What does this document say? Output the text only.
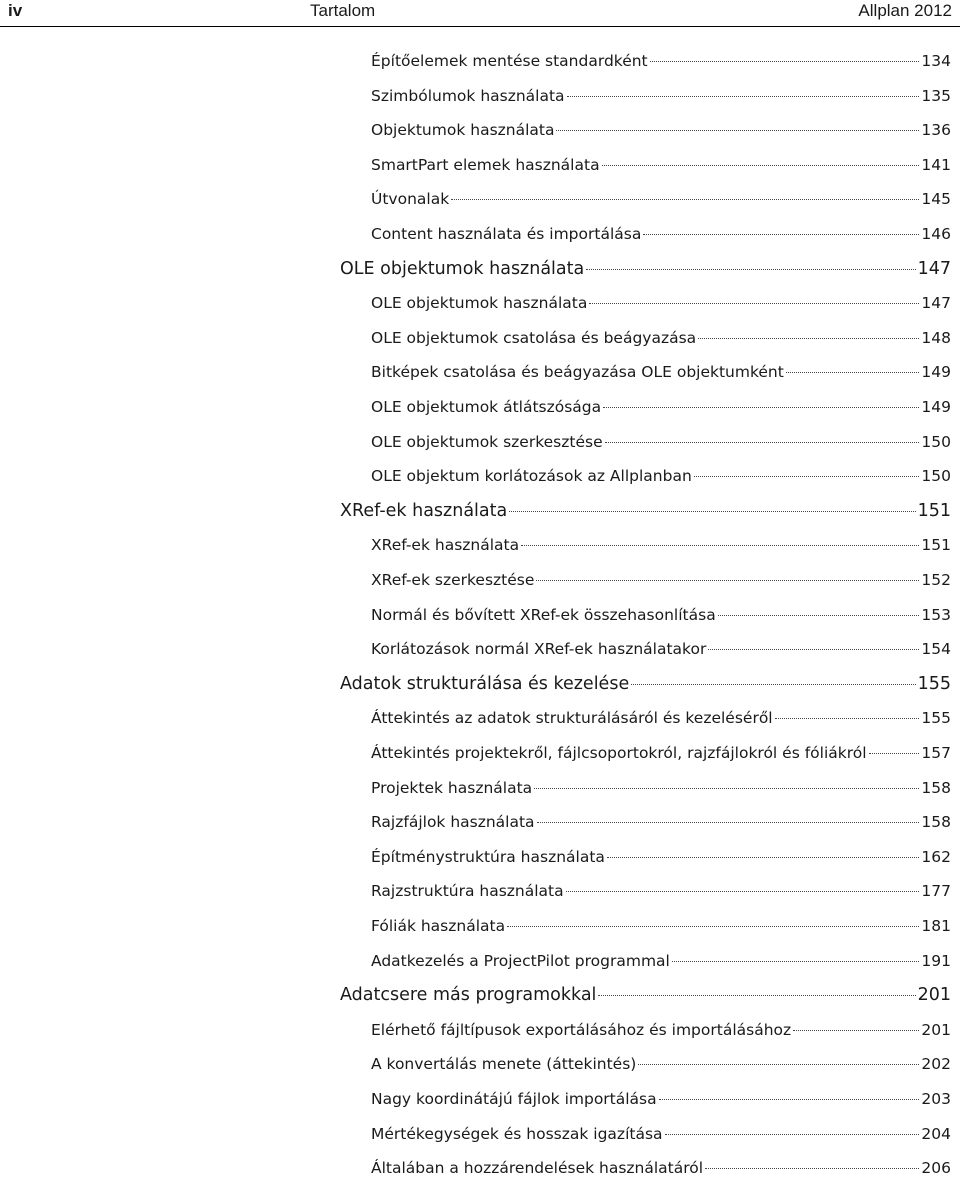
iv	Tartalom	Allplan 2012
Építőelemek mentése standardként	134
Szimbólumok használata	135
Objektumok használata	136
SmartPart elemek használata	141
Útvonalak	145
Content használata és importálása	146
OLE objektumok használata	147
OLE objektumok használata	147
OLE objektumok csatolása és beágyazása	148
Bitképek csatolása és beágyazása OLE objektumként	149
OLE objektumok átlátszósága	149
OLE objektumok szerkesztése	150
OLE objektum korlátozások az Allplanban	150
XRef-ek használata	151
XRef-ek használata	151
XRef-ek szerkesztése	152
Normál és bővített XRef-ek összehasonlítása	153
Korlátozások normál XRef-ek használatakor	154
Adatok strukturálása és kezelése	155
Áttekintés az adatok strukturálásáról és kezeléséről	155
Áttekintés projektekről, fájlcsoportokról, rajzfájlokról és fóliákról	157
Projektek használata	158
Rajzfájlok használata	158
Építménystruktúra használata	162
Rajzstruktúra használata	177
Fóliák használata	181
Adatkezelés a ProjectPilot programmal	191
Adatcsere más programokkal	201
Elérhető fájltípusok exportálásához és importálásához	201
A konvertálás menete (áttekintés)	202
Nagy koordinátájú fájlok importálása	203
Mértékegységek és hosszak igazítása	204
Általában a hozzárendelések használatáról	206
